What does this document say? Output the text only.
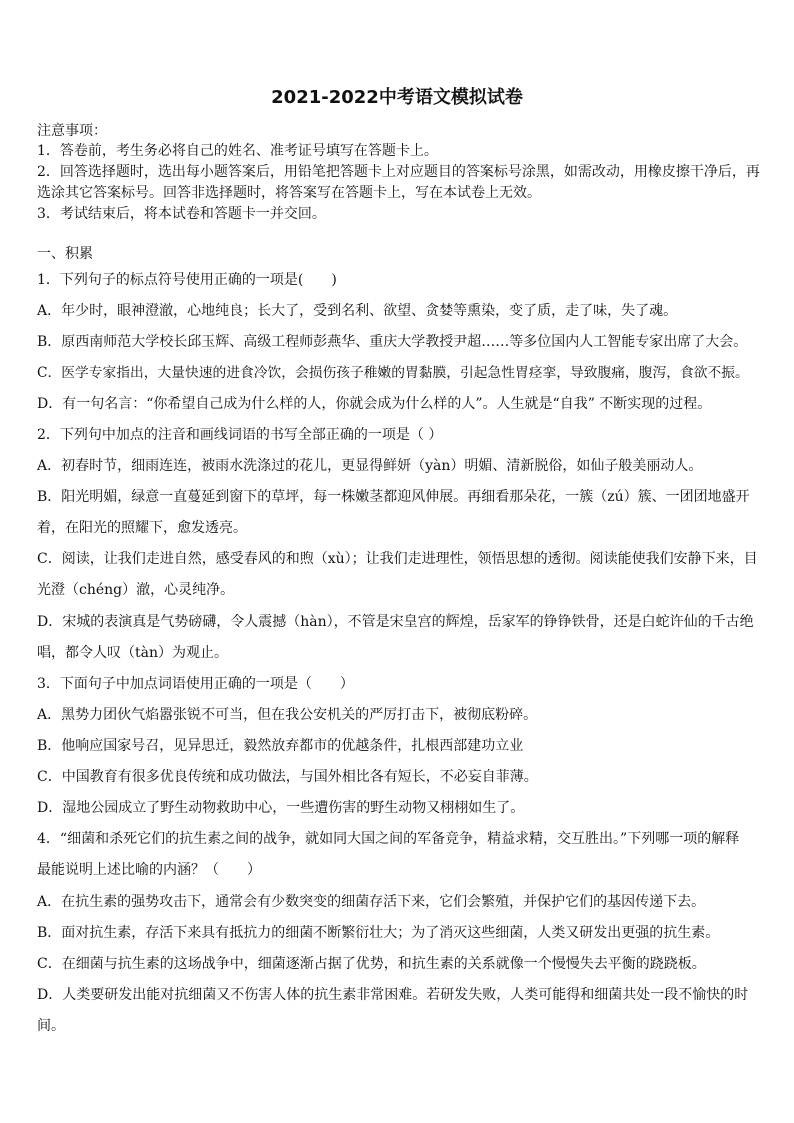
2021-2022中考语文模拟试卷
注意事项：
1．答卷前，考生务必将自己的姓名、准考证号填写在答题卡上。
2．回答选择题时，选出每小题答案后，用铅笔把答题卡上对应题目的答案标号涂黑，如需改动，用橡皮擦干净后，再
选涂其它答案标号。回答非选择题时，将答案写在答题卡上，写在本试卷上无效。
3．考试结束后，将本试卷和答题卡一并交回。
一、积累
1．下列句子的标点符号使用正确的一项是(　　)
A．年少时，眼神澄澈，心地纯良；长大了，受到名利、欲望、贪婪等熏染，变了质，走了味，失了魂。
B．原西南师范大学校长邱玉辉、高级工程师彭燕华、重庆大学教授尹超……等多位国内人工智能专家出席了大会。
C．医学专家指出，大量快速的进食冷饮，会损伤孩子稚嫩的胃黏膜，引起急性胃痉挛，导致腹痛，腹泻，食欲不振。
D．有一句名言：“你希望自己成为什么样的人，你就会成为什么样的人”。人生就是“自我” 不断实现的过程。
2．下列句中加点的注音和画线词语的书写全部正确的一项是（ ）
A．初春时节，细雨连连，被雨水洗涤过的花儿，更显得鲜妍（yàn）明媚、清新脱俗，如仙子般美丽动人。
B．阳光明媚，绿意一直蔓延到窗下的草坪，每一株嫩茎都迎风伸展。再细看那朵花，一簇（zú）簇、一团团地盛开
着，在阳光的照耀下，愈发透亮。
C．阅读，让我们走进自然，感受春风的和煦（xù）；让我们走进理性，领悟思想的透彻。阅读能使我们安静下来，目
光澄（chéng）澈，心灵纯净。
D．宋城的表演真是气势磅礴，令人震撼（hàn），不管是宋皇宫的辉煌，岳家军的铮铮铁骨，还是白蛇许仙的千古绝
唱，都令人叹（tàn）为观止。
3．下面句子中加点词语使用正确的一项是（　　）
A．黑势力团伙气焰嚣张锐不可当，但在我公安机关的严厉打击下，被彻底粉碎。
B．他响应国家号召，见异思迁，毅然放弃都市的优越条件，扎根西部建功立业
C．中国教育有很多优良传统和成功做法，与国外相比各有短长，不必妄自菲薄。
D．湿地公园成立了野生动物救助中心，一些遭伤害的野生动物又栩栩如生了。
4．“细菌和杀死它们的抗生素之间的战争，就如同大国之间的军备竞争，精益求精，交互胜出。”下列哪一项的解释
最能说明上述比喻的内涵？（　　）
A．在抗生素的强势攻击下，通常会有少数突变的细菌存活下来，它们会繁殖，并保护它们的基因传递下去。
B．面对抗生素，存活下来具有抵抗力的细菌不断繁衍壮大；为了消灭这些细菌，人类又研发出更强的抗生素。
C．在细菌与抗生素的这场战争中，细菌逐渐占据了优势，和抗生素的关系就像一个慢慢失去平衡的跷跷板。
D．人类要研发出能对抗细菌又不伤害人体的抗生素非常困难。若研发失败，人类可能得和细菌共处一段不愉快的时
间。
